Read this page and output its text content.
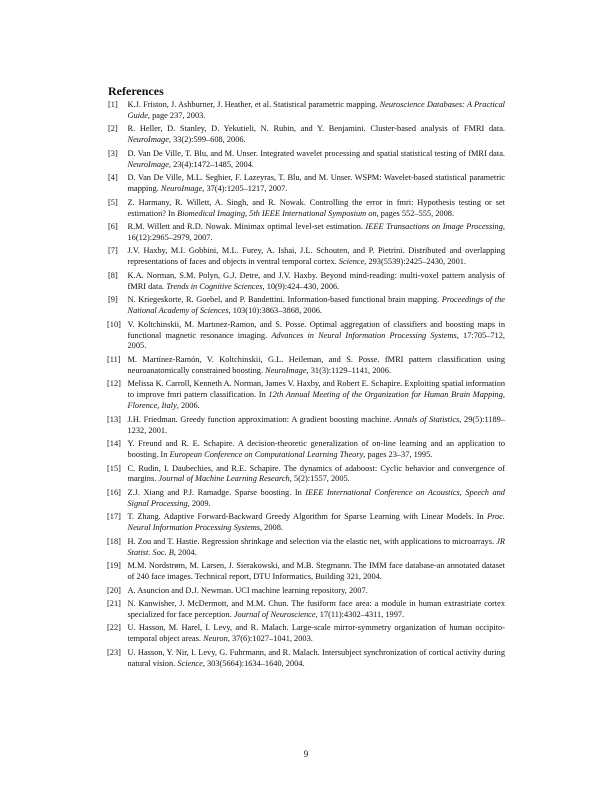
References
[1] K.J. Friston, J. Ashburner, J. Heather, et al. Statistical parametric mapping. Neuroscience Databases: A Practical Guide, page 237, 2003.
[2] R. Heller, D. Stanley, D. Yekutieli, N. Rubin, and Y. Benjamini. Cluster-based analysis of FMRI data. NeuroImage, 33(2):599–608, 2006.
[3] D. Van De Ville, T. Blu, and M. Unser. Integrated wavelet processing and spatial statistical testing of fMRI data. NeuroImage, 23(4):1472–1485, 2004.
[4] D. Van De Ville, M.L. Seghier, F. Lazeyras, T. Blu, and M. Unser. WSPM: Wavelet-based statistical parametric mapping. NeuroImage, 37(4):1205–1217, 2007.
[5] Z. Harmany, R. Willett, A. Singh, and R. Nowak. Controlling the error in fmri: Hypothesis testing or set estimation? In Biomedical Imaging, 5th IEEE International Symposium on, pages 552–555, 2008.
[6] R.M. Willett and R.D. Nowak. Minimax optimal level-set estimation. IEEE Transactions on Image Processing, 16(12):2965–2979, 2007.
[7] J.V. Haxby, M.I. Gobbini, M.L. Furey, A. Ishai, J.L. Schouten, and P. Pietrini. Distributed and overlapping representations of faces and objects in ventral temporal cortex. Science, 293(5539):2425–2430, 2001.
[8] K.A. Norman, S.M. Polyn, G.J. Detre, and J.V. Haxby. Beyond mind-reading: multi-voxel pattern analysis of fMRI data. Trends in Cognitive Sciences, 10(9):424–430, 2006.
[9] N. Kriegeskorte, R. Goebel, and P. Bandettini. Information-based functional brain mapping. Proceedings of the National Academy of Sciences, 103(10):3863–3868, 2006.
[10] V. Koltchinskii, M. Martınez-Ramon, and S. Posse. Optimal aggregation of classifiers and boosting maps in functional magnetic resonance imaging. Advances in Neural Information Processing Systems, 17:705–712, 2005.
[11] M. Martínez-Ramón, V. Koltchinskii, G.L. Heileman, and S. Posse. fMRI pattern classification using neuroanatomically constrained boosting. NeuroImage, 31(3):1129–1141, 2006.
[12] Melissa K. Carroll, Kenneth A. Norman, James V. Haxby, and Robert E. Schapire. Exploiting spatial information to improve fmri pattern classification. In 12th Annual Meeting of the Organization for Human Brain Mapping, Florence, Italy, 2006.
[13] J.H. Friedman. Greedy function approximation: A gradient boosting machine. Annals of Statistics, 29(5):1189–1232, 2001.
[14] Y. Freund and R. E. Schapire. A decision-theoretic generalization of on-line learning and an application to boosting. In European Conference on Computational Learning Theory, pages 23–37, 1995.
[15] C. Rudin, I. Daubechies, and R.E. Schapire. The dynamics of adaboost: Cyclic behavior and convergence of margins. Journal of Machine Learning Research, 5(2):1557, 2005.
[16] Z.J. Xiang and P.J. Ramadge. Sparse boosting. In IEEE International Conference on Acoustics, Speech and Signal Processing, 2009.
[17] T. Zhang. Adaptive Forward-Backward Greedy Algorithm for Sparse Learning with Linear Models. In Proc. Neural Information Processing Systems, 2008.
[18] H. Zou and T. Hastie. Regression shrinkage and selection via the elastic net, with applications to microarrays. JR Statist. Soc. B, 2004.
[19] M.M. Nordstrøm, M. Larsen, J. Sierakowski, and M.B. Stegmann. The IMM face database-an annotated dataset of 240 face images. Technical report, DTU Informatics, Building 321, 2004.
[20] A. Asuncion and D.J. Newman. UCI machine learning repository, 2007.
[21] N. Kanwisher, J. McDermott, and M.M. Chun. The fusiform face area: a module in human extrastriate cortex specialized for face perception. Journal of Neuroscience, 17(11):4302–4311, 1997.
[22] U. Hasson, M. Harel, I. Levy, and R. Malach. Large-scale mirror-symmetry organization of human occipito-temporal object areas. Neuron, 37(6):1027–1041, 2003.
[23] U. Hasson, Y. Nir, I. Levy, G. Fuhrmann, and R. Malach. Intersubject synchronization of cortical activity during natural vision. Science, 303(5664):1634–1640, 2004.
9
